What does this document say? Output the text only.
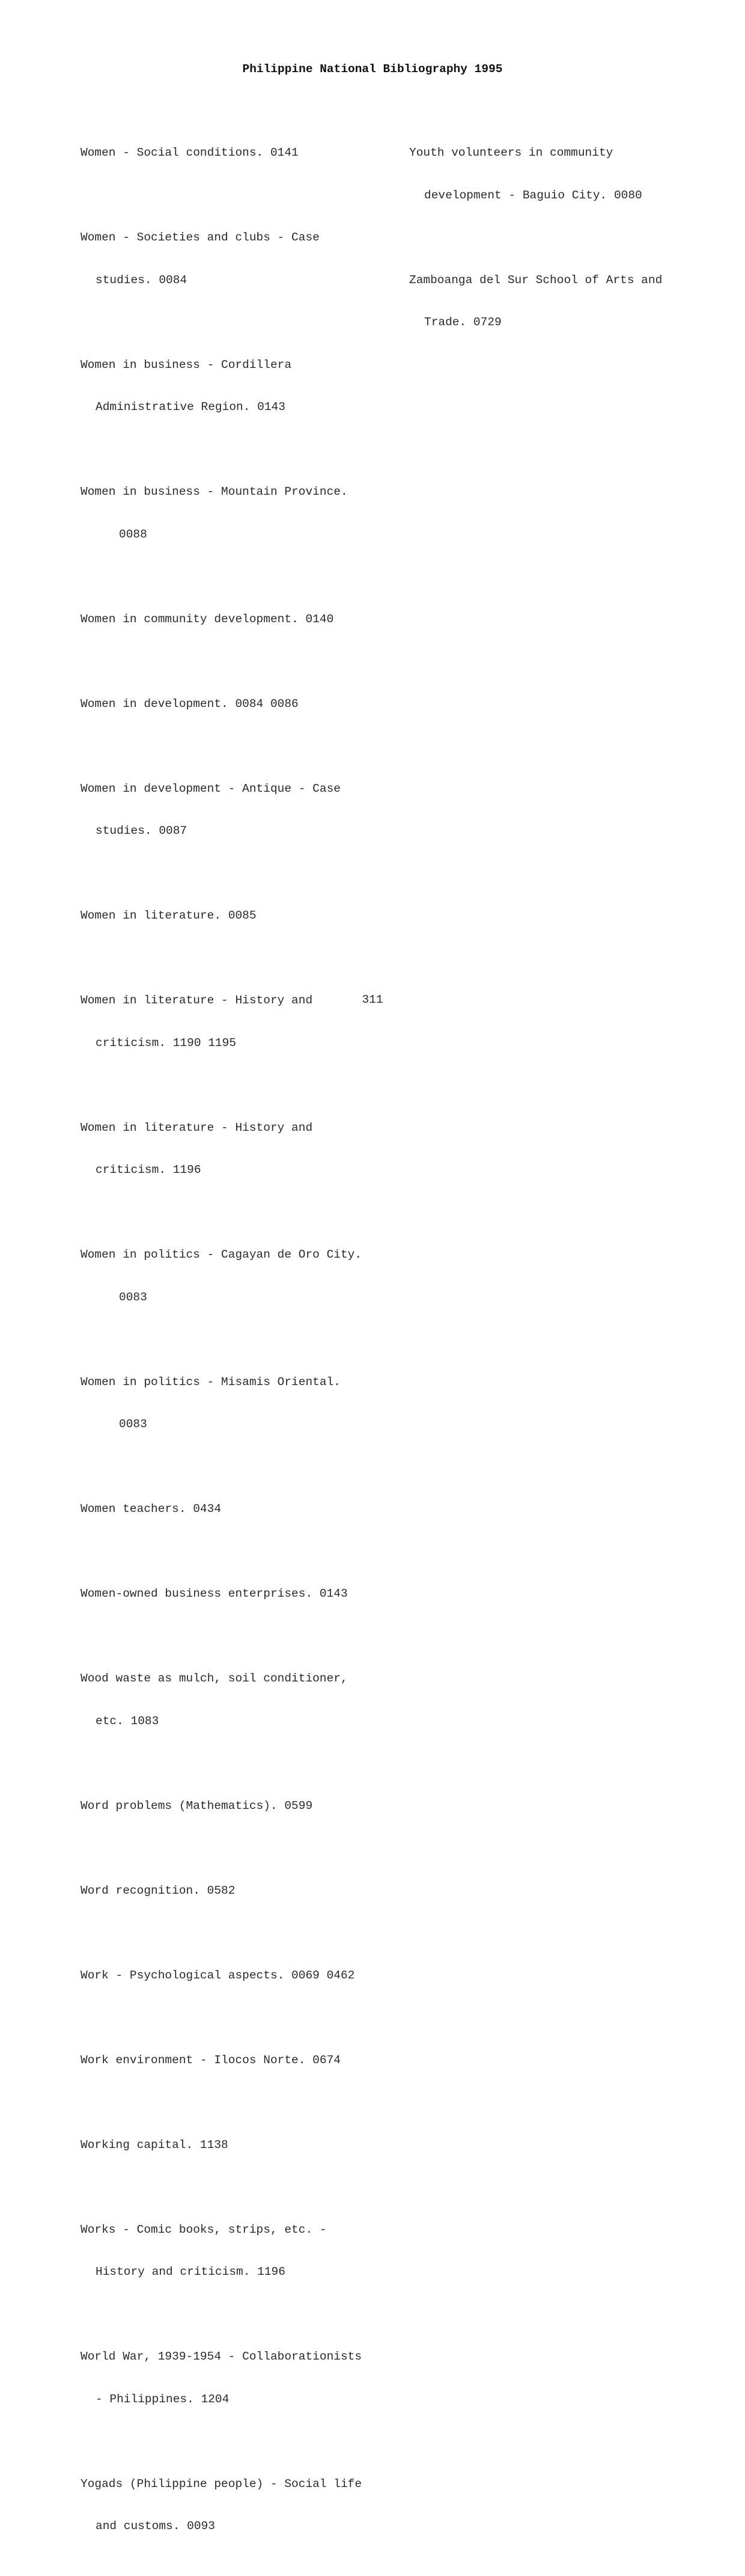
Philippine National Bibliography 1995

Women - Social conditions. 0141

Women - Societies and clubs - Case

studies. 0084

Women in business - Cordillera

Administrative Region. 0143

Women in business - Mountain Province.

0088

Women in community development. 0140

Women in development. 0084 0086

Women in development - Antique - Case

studies. 0087

Women in literature. 0085

Women in literature - History and

criticism. 1190 1195

Women in literature - History and

criticism. 1196

Women in politics - Cagayan de Oro City.

0083

Women in politics - Misamis Oriental.

0083

Women teachers. 0434

Women-owned business enterprises. 0143

Wood waste as mulch, soil conditioner,

etc. 1083

Word problems (Mathematics). 0599

Word recognition. 0582

Work - Psychological aspects. 0069 0462

Work environment - Ilocos Norte. 0674

Working capital. 1138

Works - Comic books, strips, etc. -

History and criticism. 1196

World War, 1939-1954 - Collaborationists

- Philippines. 1204

Yogads (Philippine people) - Social life

and customs. 0093

Youth volunteers in community

development - Baguio City. 0080

Zamboanga del Sur School of Arts and

Trade. 0729

311
